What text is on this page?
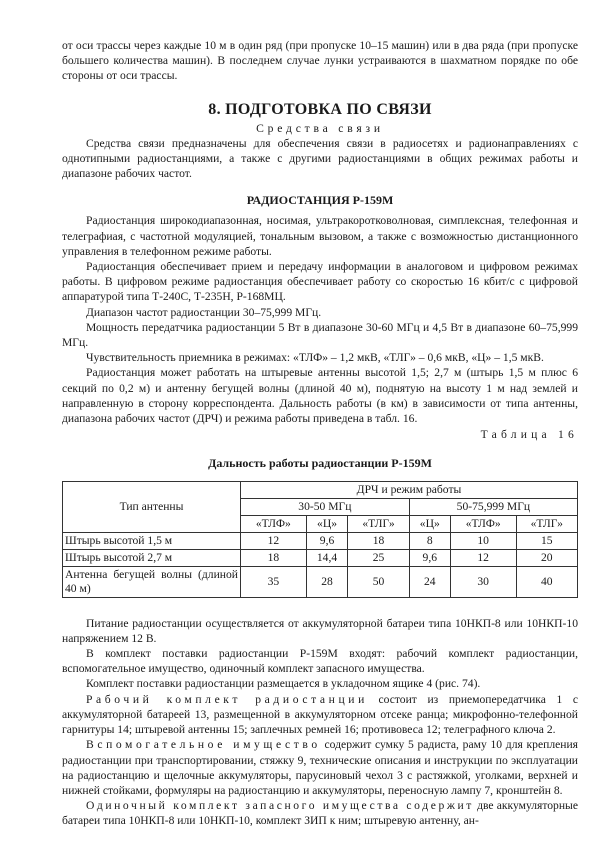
от оси трассы через каждые 10 м в один ряд (при пропуске 10–15 машин) или в два ряда (при пропуске большего количества машин). В последнем случае лунки устраиваются в шахматном порядке по обе стороны от оси трассы.

8. ПОДГОТОВКА ПО СВЯЗИ

Средства связи

Средства связи предназначены для обеспечения связи в радиосетях и радионаправлениях с однотипными радиостанциями, а также с другими радиостанциями в общих режимах работы и диапазоне рабочих частот.

РАДИОСТАНЦИЯ Р-159М

Радиостанция широкодиапазонная, носимая, ультракоротковолновая, симплексная, телефонная и телеграфиая, с частотной модуляцией, тональным вызовом, а также с возможностью дистанционного управления в телефонном режиме работы.

Радиостанция обеспечивает прием и передачу информации в аналоговом и цифровом режимах работы. В цифровом режиме радиостанция обеспечивает работу со скоростью 16 кбит/с с цифровой аппаратурой типа Т-240С, Т-235Н, Р-168МЦ.

Диапазон частот радиостанции 30–75,999 МГц.

Мощность передатчика радиостанции 5 Вт в диапазоне 30-60 МГц и 4,5 Вт в диапазоне 60–75,999 МГц.

Чувствительность приемника в режимах: «ТЛФ» – 1,2 мкВ, «ТЛГ» – 0,6 мкВ, «Ц» – 1,5 мкВ.

Радиостанция может работать на штыревые антенны высотой 1,5; 2,7 м (штырь 1,5 м плюс 6 секций по 0,2 м) и антенну бегущей волны (длиной 40 м), поднятую на высоту 1 м над землей и направленную в сторону корреспондента. Дальность работы (в км) в зависимости от типа антенны, диапазона рабочих частот (ДРЧ) и режима работы приведена в табл. 16.

Таблица 16

Дальность работы радиостанции Р-159М

Тип антенны	ДРЧ и режим работы					
	30-50 МГц			50-75,999 МГц		
	«ТЛФ»	«Ц»	«ТЛГ»	«Ц»	«ТЛФ»	«ТЛГ»
Штырь высотой 1,5 м	12	9,6	18	8	10	15
Штырь высотой 2,7 м	18	14,4	25	9,6	12	20
Антенна бегущей волны (длиной 40 м)	35	28	50	24	30	40

Питание радиостанции осуществляется от аккумуляторной батареи типа 10НКП-8 или 10НКП-10 напряжением 12 В.

В комплект поставки радиостанции Р-159М входят: рабочий комплект радиостанции, вспомогательное имущество, одиночный комплект запасного имущества.

Комплект поставки радиостанции размещается в укладочном ящике 4 (рис. 74).

Рабочий комплект радиостанции состоит из приемопередатчика 1 с аккумуляторной батареей 13, размещенной в аккумуляторном отсеке ранца; микрофонно-телефонной гарнитуры 14; штыревой антенны 15; заплечных ремней 16; противовеса 12; телеграфного ключа 2.

Вспомогательное имущество содержит сумку 5 радиста, раму 10 для крепления радиостанции при транспортировании, стяжку 9, технические описания и инструкции по эксплуатации на радиостанцию и щелочные аккумуляторы, парусиновый чехол 3 с растяжкой, уголками, верхней и нижней стойками, формуляры на радиостанцию и аккумуляторы, переносную лампу 7, кронштейн 8.

Одиночный комплект запасного имущества содержит две аккумуляторные батареи типа 10НКП-8 или 10НКП-10, комплект ЗИП к ним; штыревую антенну, ан-
